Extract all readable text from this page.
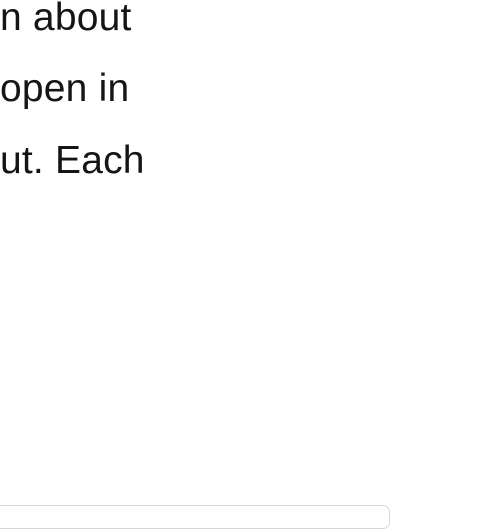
n about
open in
ut. Each
